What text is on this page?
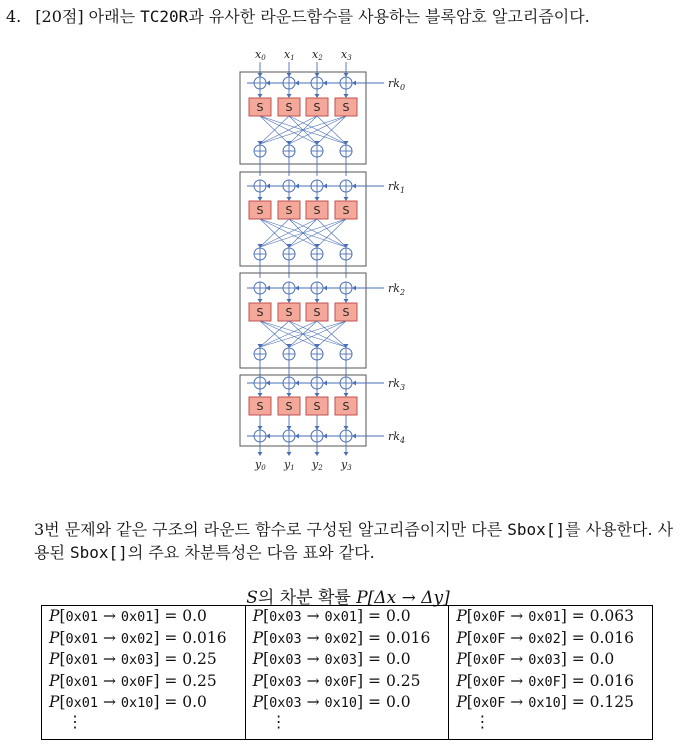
4. [20점] 아래는 TC20R과 유사한 라운드함수를 사용하는 블록암호 알고리즘이다.
x0 x1 x2 x3
$rk_0$
S S S S
$rk_1$
S S S S
$rk_2$
S S S S
$rk_3$
$rk_4$
S S S S
y0 y1 y2 y3
3번 문제와 같은 구조의 라운드 함수로 구성된 알고리즘이지만 다른 Sbox[]를 사용한다. 사용된 Sbox[]의 주요 차분특성은 다음 표와 같다.
S의 차분 확률 P[Δx → Δy]
P[0x01 → 0x01] = 0.0
P[0x01 → 0x02] = 0.016
P[0x01 → 0x03] = 0.25
P[0x01 → 0x0F] = 0.25
P[0x01 → 0x10] = 0.0
⋮
P[0x03 → 0x01] = 0.0
P[0x03 → 0x02] = 0.016
P[0x03 → 0x03] = 0.0
P[0x03 → 0x0F] = 0.25
P[0x03 → 0x10] = 0.0
⋮
P[0x0F → 0x01] = 0.063
P[0x0F → 0x02] = 0.016
P[0x0F → 0x03] = 0.0
P[0x0F → 0x0F] = 0.016
P[0x0F → 0x10] = 0.125
⋮
